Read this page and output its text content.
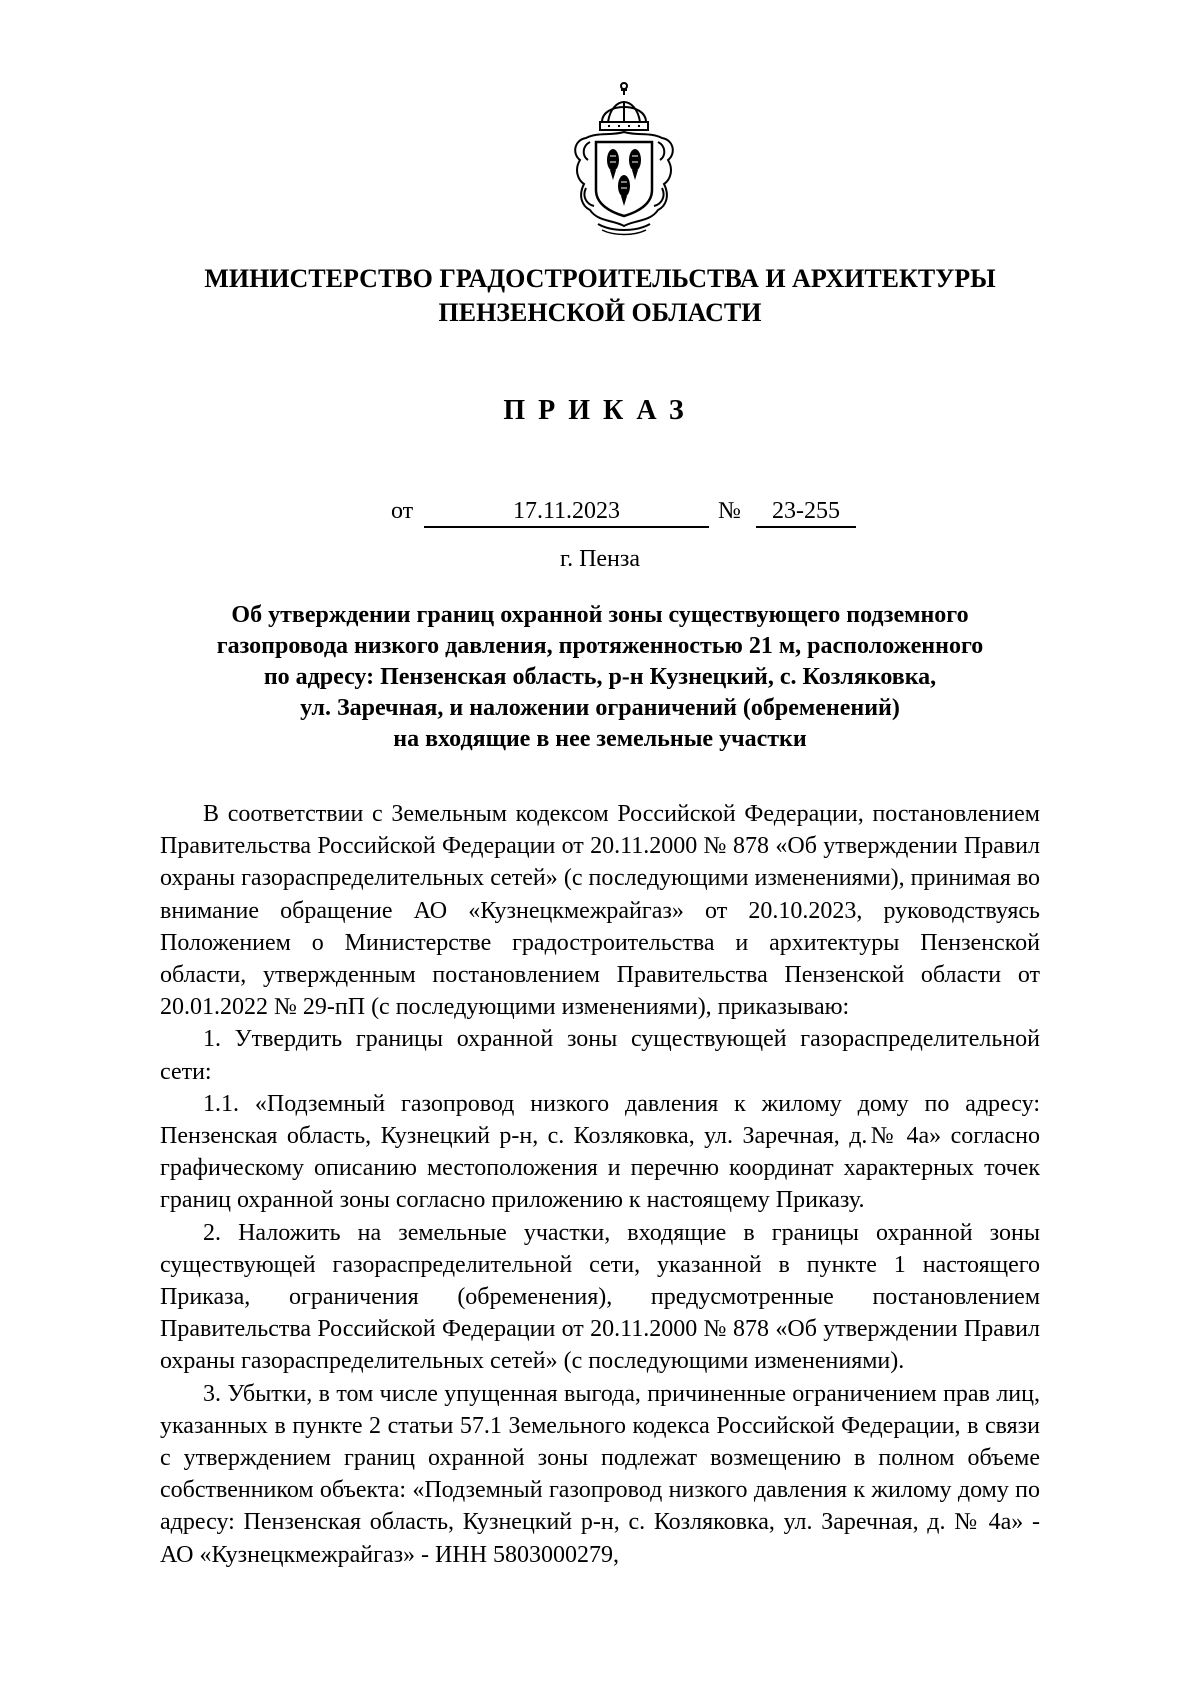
МИНИСТЕРСТВО ГРАДОСТРОИТЕЛЬСТВА И АРХИТЕКТУРЫ
ПЕНЗЕНСКОЙ ОБЛАСТИ
ПРИКАЗ
от	17.11.2023	№	23-255
г. Пенза
Об утверждении границ охранной зоны существующего подземного
газопровода низкого давления, протяженностью 21 м, расположенного
по адресу: Пензенская область, р-н Кузнецкий, с. Козляковка,
ул. Заречная, и наложении ограничений (обременений)
на входящие в нее земельные участки

В соответствии с Земельным кодексом Российской Федерации, постановлением Правительства Российской Федерации от 20.11.2000 № 878 «Об утверждении Правил охраны газораспределительных сетей» (с последующими изменениями), принимая во внимание обращение АО «Кузнецкмежрайгаз» от 20.10.2023, руководствуясь Положением о Министерстве градостроительства и архитектуры Пензенской области, утвержденным постановлением Правительства Пензенской области от 20.01.2022 № 29-пП (с последующими изменениями), приказываю:

1. Утвердить границы охранной зоны существующей газораспределительной сети:

1.1. «Подземный газопровод низкого давления к жилому дому по адресу: Пензенская область, Кузнецкий р-н, с. Козляковка, ул. Заречная, д.№ 4а» согласно графическому описанию местоположения и перечню координат характерных точек границ охранной зоны согласно приложению к настоящему Приказу.

2. Наложить на земельные участки, входящие в границы охранной зоны существующей газораспределительной сети, указанной в пункте 1 настоящего Приказа, ограничения (обременения), предусмотренные постановлением Правительства Российской Федерации от 20.11.2000 № 878 «Об утверждении Правил охраны газораспределительных сетей» (с последующими изменениями).

3. Убытки, в том числе упущенная выгода, причиненные ограничением прав лиц, указанных в пункте 2 статьи 57.1 Земельного кодекса Российской Федерации, в связи с утверждением границ охранной зоны подлежат возмещению в полном объеме собственником объекта: «Подземный газопровод низкого давления к жилому дому по адресу: Пензенская область, Кузнецкий р-н, с. Козляковка, ул. Заречная, д. № 4а» - АО «Кузнецкмежрайгаз» - ИНН 5803000279,
